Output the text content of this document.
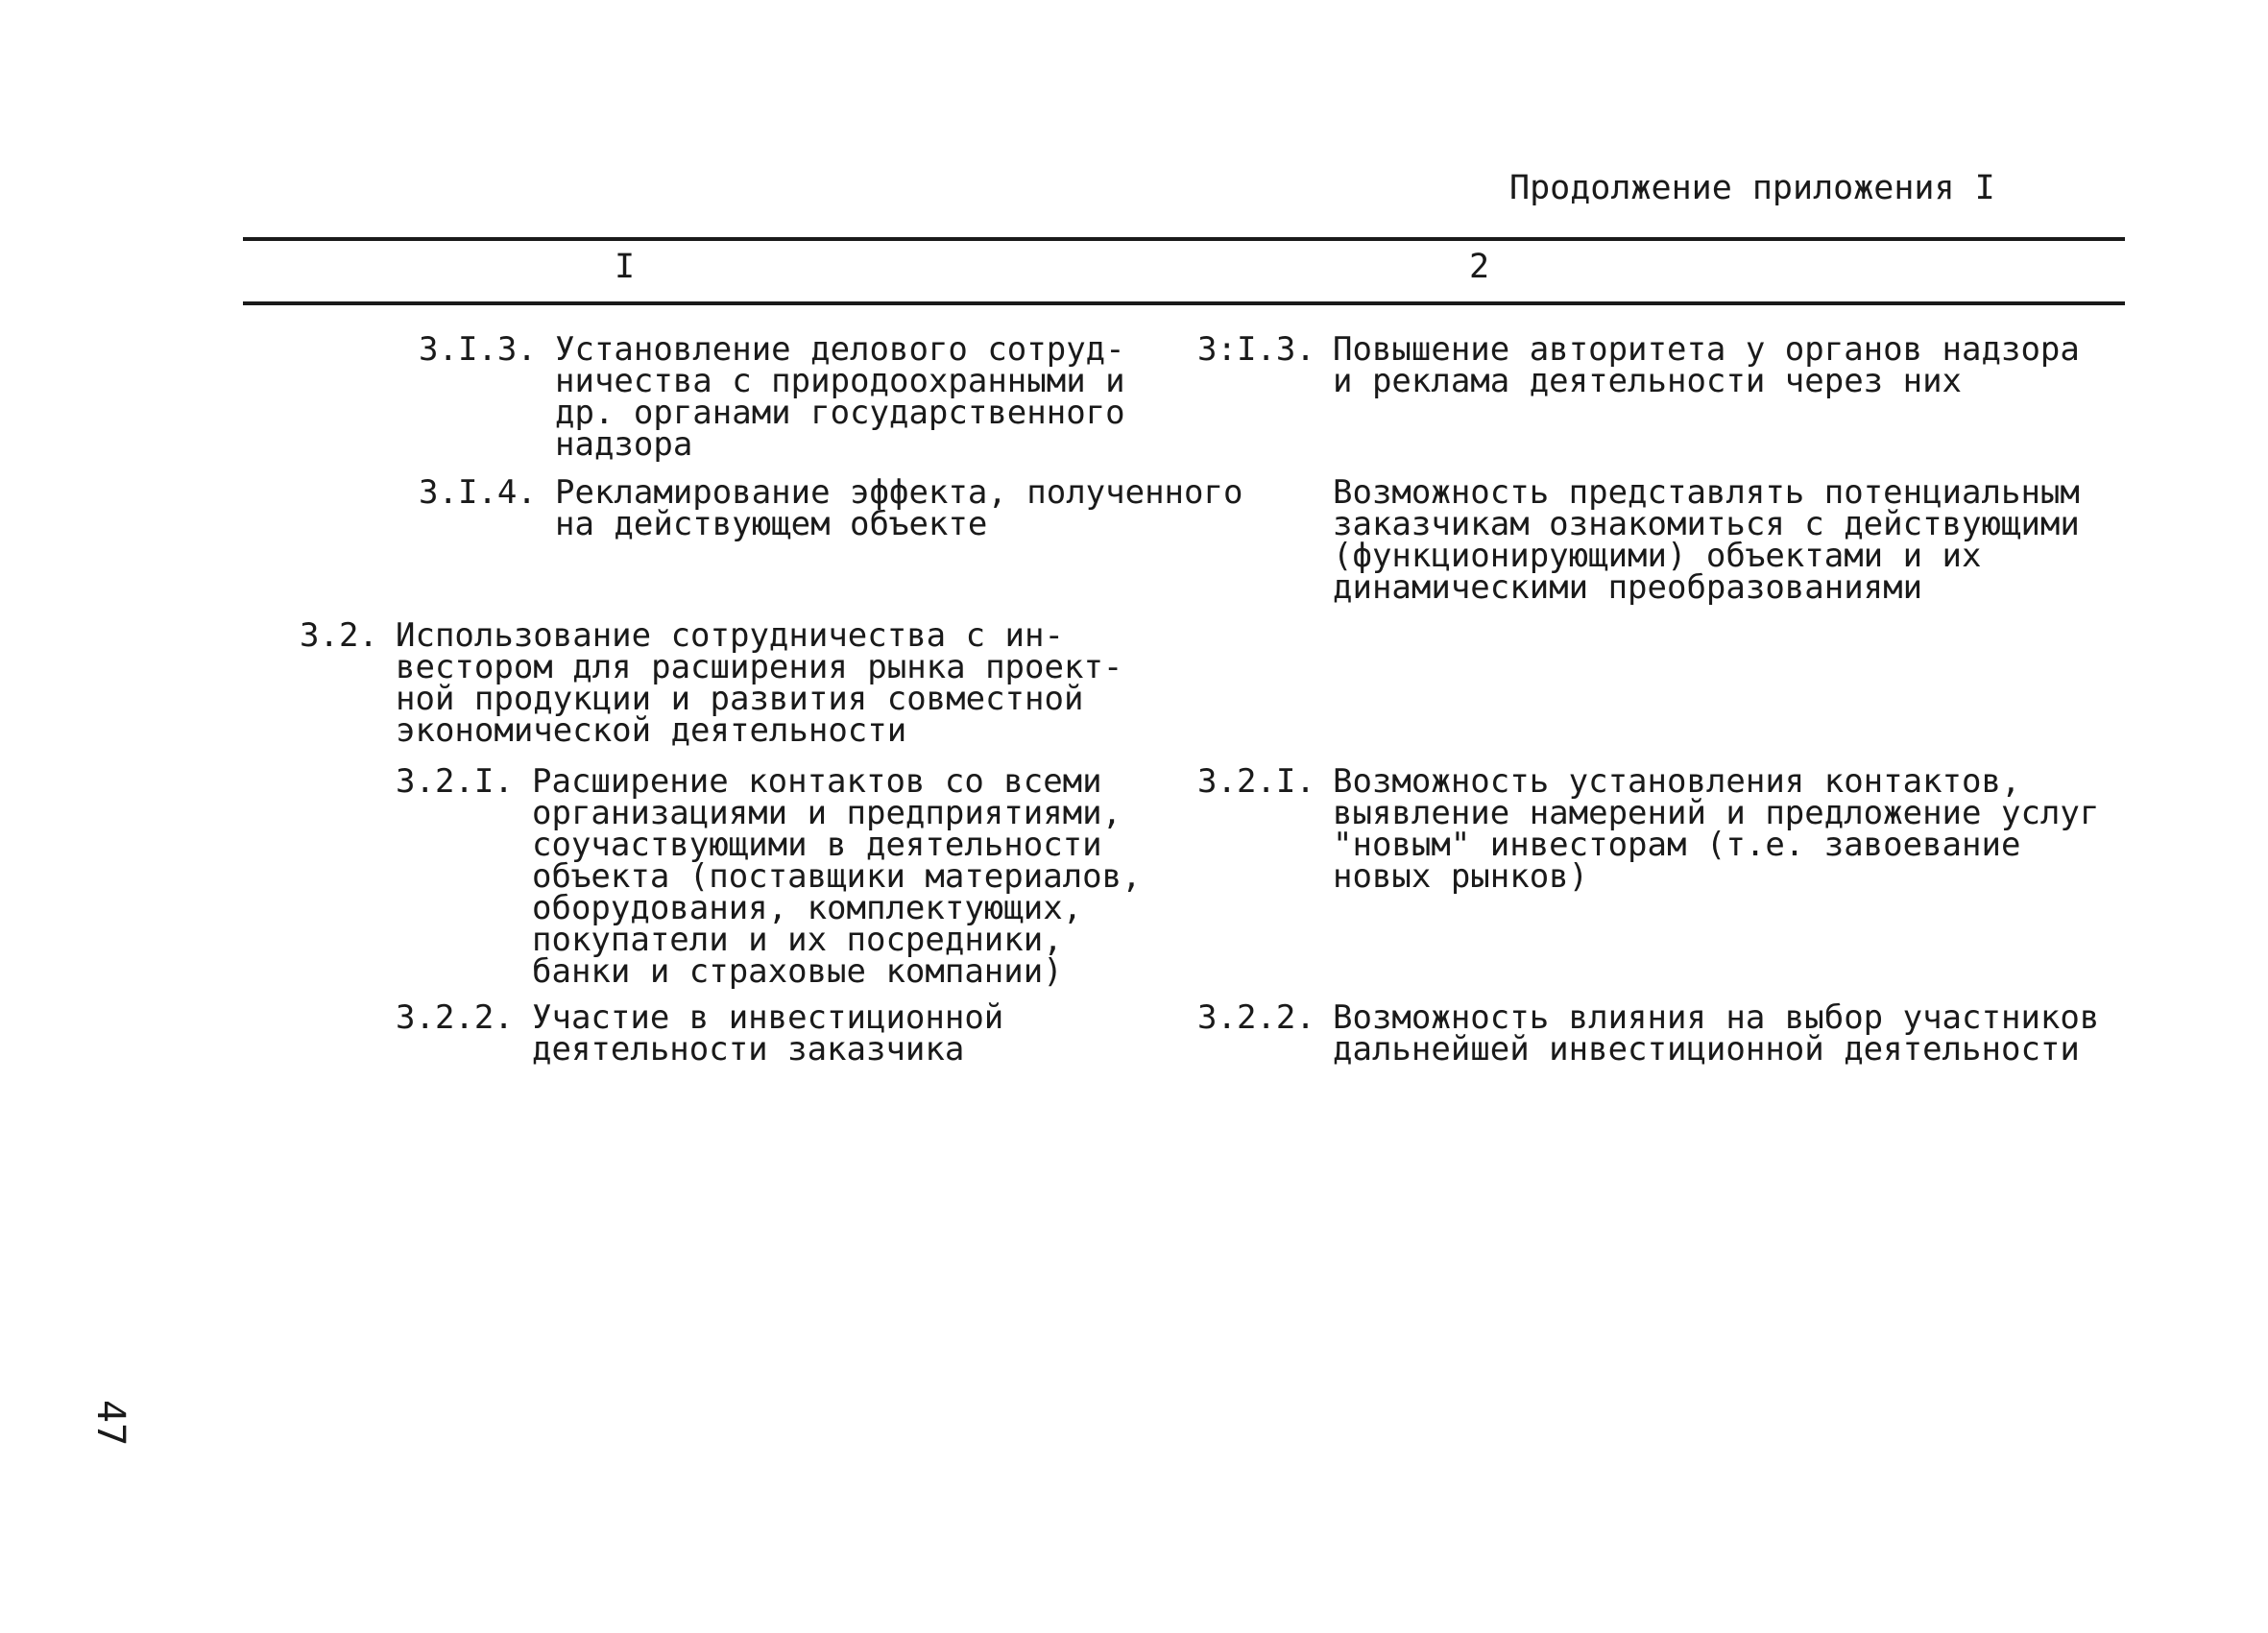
Продолжение приложения I
I	2
3.I.3. Установление делового сотруд-
ничества с природоохранными и
др. органами государственного
надзора
3:I.3. Повышение авторитета у органов надзора
и реклама деятельности через них
3.I.4. Рекламирование эффекта, полученного
на действующем объекте
Возможность представлять потенциальным
заказчикам ознакомиться с действующими
(функционирующими) объектами и их
динамическими преобразованиями
3.2. Использование сотрудничества с ин-
вестором для расширения рынка проект-
ной продукции и развития совместной
экономической деятельности
3.2.I. Расширение контактов со всеми
организациями и предприятиями,
соучаствующими в деятельности
объекта (поставщики материалов,
оборудования, комплектующих,
покупатели и их посредники,
банки и страховые компании)
3.2.I. Возможность установления контактов,
выявление намерений и предложение услуг
"новым" инвесторам (т.е. завоевание
новых рынков)
3.2.2. Участие в инвестиционной
деятельности заказчика
3.2.2. Возможность влияния на выбор участников
дальнейшей инвестиционной деятельности
47
